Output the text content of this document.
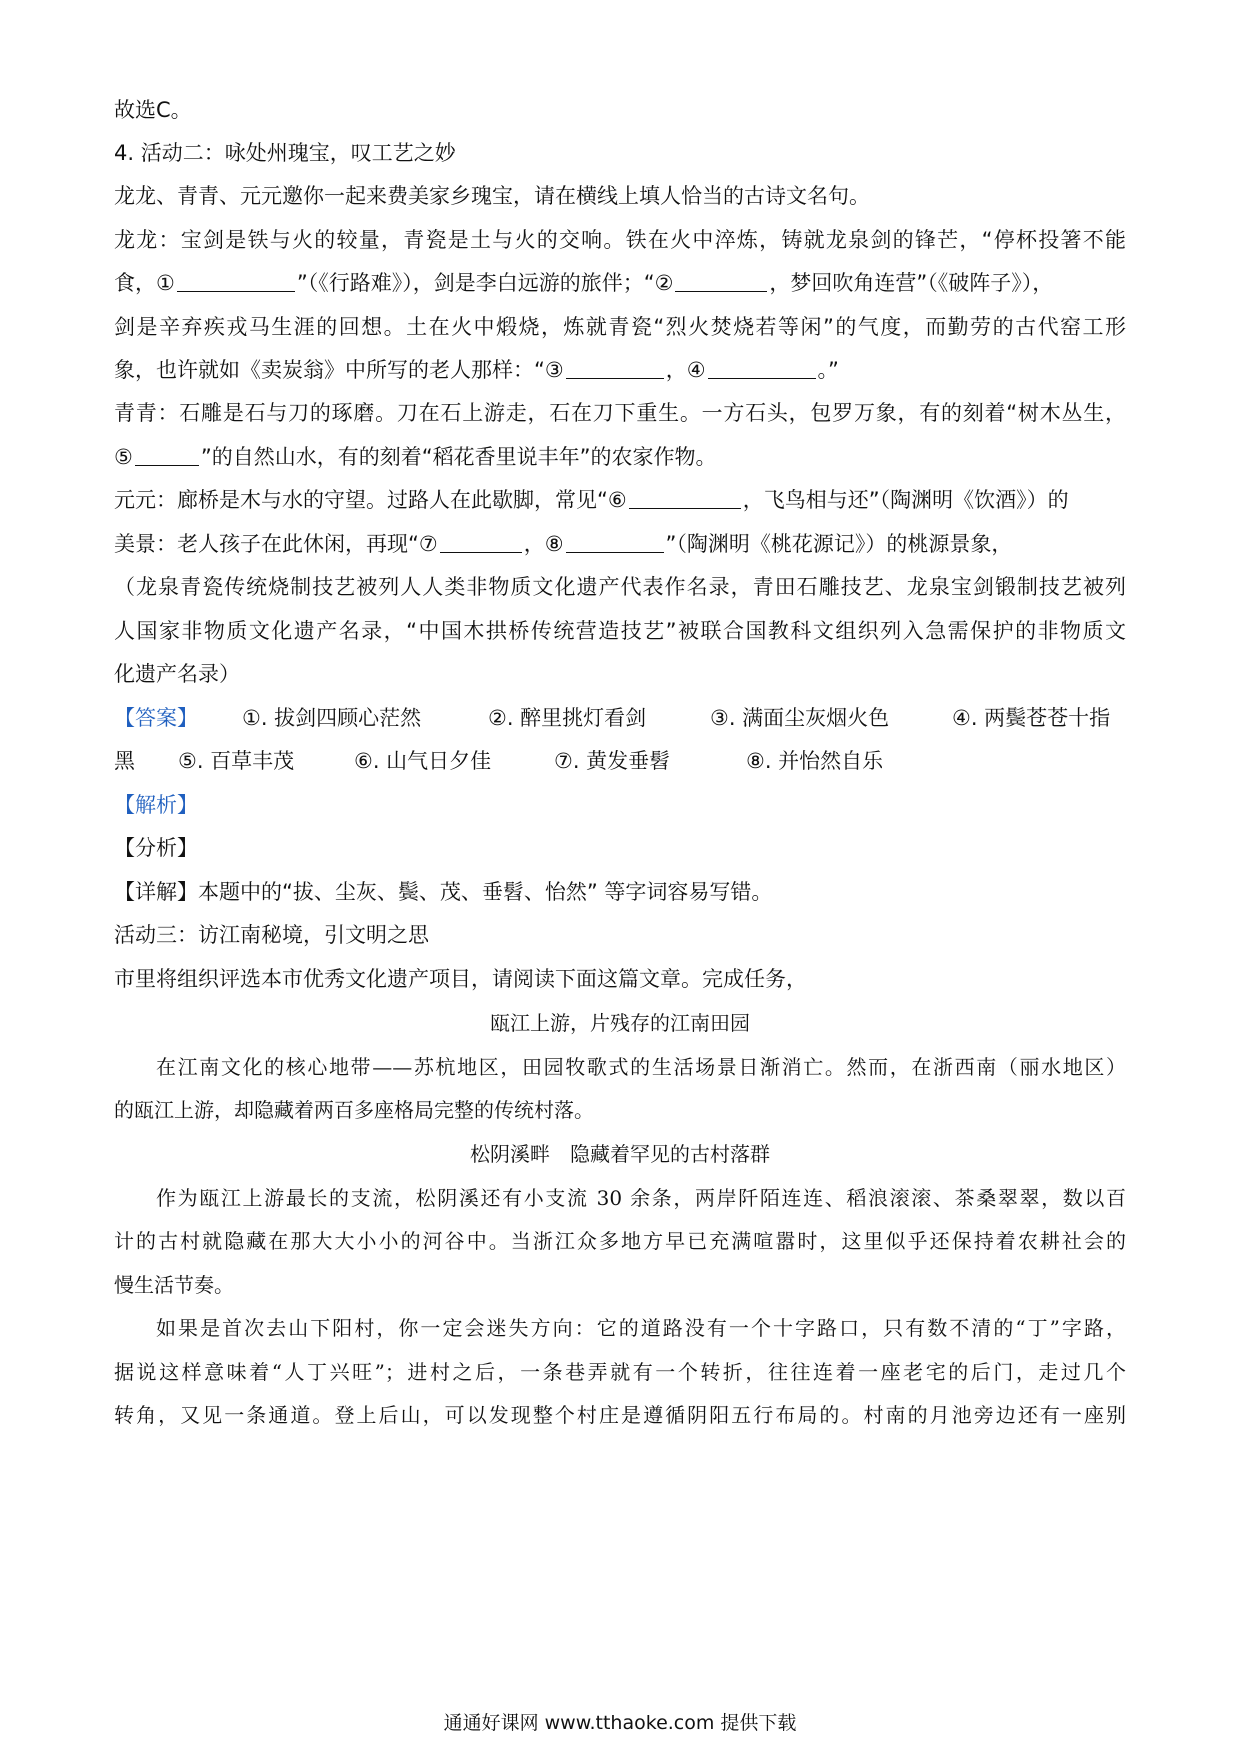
故选C。
4. 活动二：咏处州瑰宝，叹工艺之妙
龙龙、青青、元元邀你一起来费美家乡瑰宝，请在横线上填人恰当的古诗文名句。
龙龙：宝剑是铁与火的较量，青瓷是土与火的交响。铁在火中淬炼，铸就龙泉剑的锋芒，“停杯投箸不能
食，①	”（《行路难》），剑是李白远游的旅伴；“②	，梦回吹角连营”（《破阵子》），
剑是辛弃疾戎马生涯的回想。土在火中煅烧，炼就青瓷“烈火焚烧若等闲”的气度，而勤劳的古代窑工形
象，也许就如《卖炭翁》中所写的老人那样：“③	，④	。”
青青：石雕是石与刀的琢磨。刀在石上游走，石在刀下重生。一方石头，包罗万象，有的刻着“树木丛生，
⑤	”的自然山水，有的刻着“稻花香里说丰年”的农家作物。
元元：廊桥是木与水的守望。过路人在此歇脚，常见“⑥	，飞鸟相与还”（陶渊明《饮酒》）的
美景：老人孩子在此休闲，再现“⑦	，⑧	”（陶渊明《桃花源记》）的桃源景象，
（龙泉青瓷传统烧制技艺被列人人类非物质文化遗产代表作名录，青田石雕技艺、龙泉宝剑锻制技艺被列
人国家非物质文化遗产名录，“中国木拱桥传统营造技艺”被联合国教科文组织列入急需保护的非物质文
化遗产名录）
【答案】 ①. 拔剑四顾心茫然	②. 醉里挑灯看剑	③. 满面尘灰烟火色	④. 两鬓苍苍十指
黑 ⑤. 百草丰茂	⑥. 山气日夕佳	⑦. 黄发垂髫	⑧. 并怡然自乐
【解析】
【分析】
【详解】本题中的“拔、尘灰、鬓、茂、垂髫、怡然” 等字词容易写错。
活动三：访江南秘境，引文明之思
市里将组织评选本市优秀文化遗产项目，请阅读下面这篇文章。完成任务，
瓯江上游，片残存的江南田园
在江南文化的核心地带——苏杭地区，田园牧歌式的生活场景日渐消亡。然而，在浙西南（丽水地区）
的瓯江上游，却隐藏着两百多座格局完整的传统村落。
松阴溪畔　隐藏着罕见的古村落群
作为瓯江上游最长的支流，松阴溪还有小支流 30 余条，两岸阡陌连连、稻浪滚滚、茶桑翠翠，数以百
计的古村就隐藏在那大大小小的河谷中。当浙江众多地方早已充满喧嚣时，这里似乎还保持着农耕社会的
慢生活节奏。
如果是首次去山下阳村，你一定会迷失方向：它的道路没有一个十字路口，只有数不清的“丁”字路，
据说这样意味着“人丁兴旺”；进村之后，一条巷弄就有一个转折，往往连着一座老宅的后门，走过几个
转角，又见一条通道。登上后山，可以发现整个村庄是遵循阴阳五行布局的。村南的月池旁边还有一座别
通通好课网 www.tthaoke.com 提供下载
